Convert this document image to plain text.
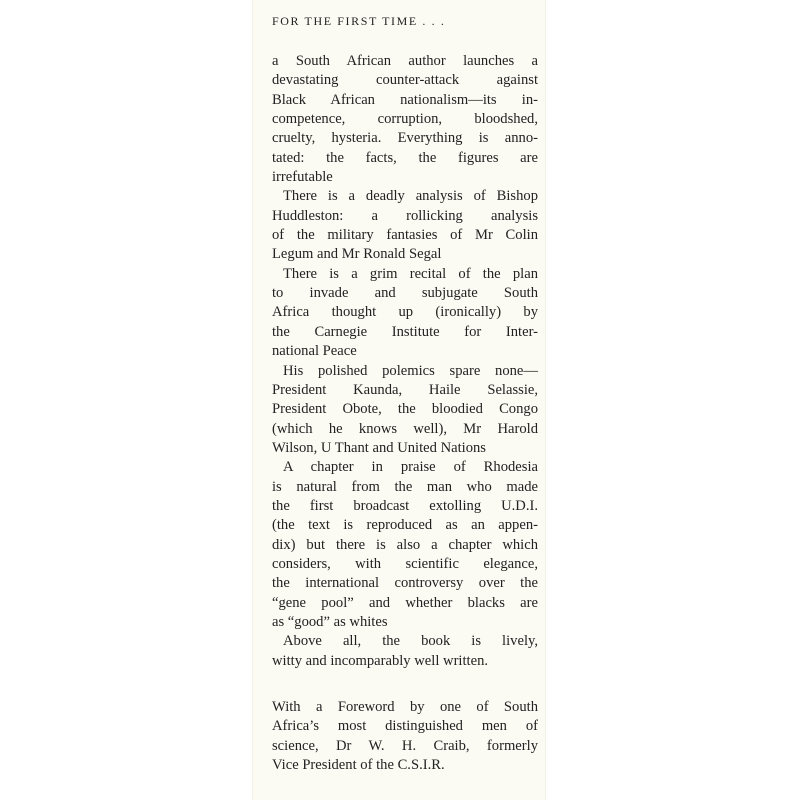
FOR THE FIRST TIME . . .
a South African author launches a
devastating counter-attack against
Black African nationalism—its in-
competence, corruption, bloodshed,
cruelty, hysteria. Everything is anno-
tated: the facts, the figures are
irrefutable
There is a deadly analysis of Bishop
Huddleston: a rollicking analysis
of the military fantasies of Mr Colin
Legum and Mr Ronald Segal
There is a grim recital of the plan
to invade and subjugate South
Africa thought up (ironically) by
the Carnegie Institute for Inter-
national Peace
His polished polemics spare none—
President Kaunda, Haile Selassie,
President Obote, the bloodied Congo
(which he knows well), Mr Harold
Wilson, U Thant and United Nations
A chapter in praise of Rhodesia
is natural from the man who made
the first broadcast extolling U.D.I.
(the text is reproduced as an appen-
dix) but there is also a chapter which
considers, with scientific elegance,
the international controversy over the
“gene pool” and whether blacks are
as “good” as whites
Above all, the book is lively,
witty and incomparably well written.
With a Foreword by one of South
Africa’s most distinguished men of
science, Dr W. H. Craib, formerly
Vice President of the C.S.I.R.
